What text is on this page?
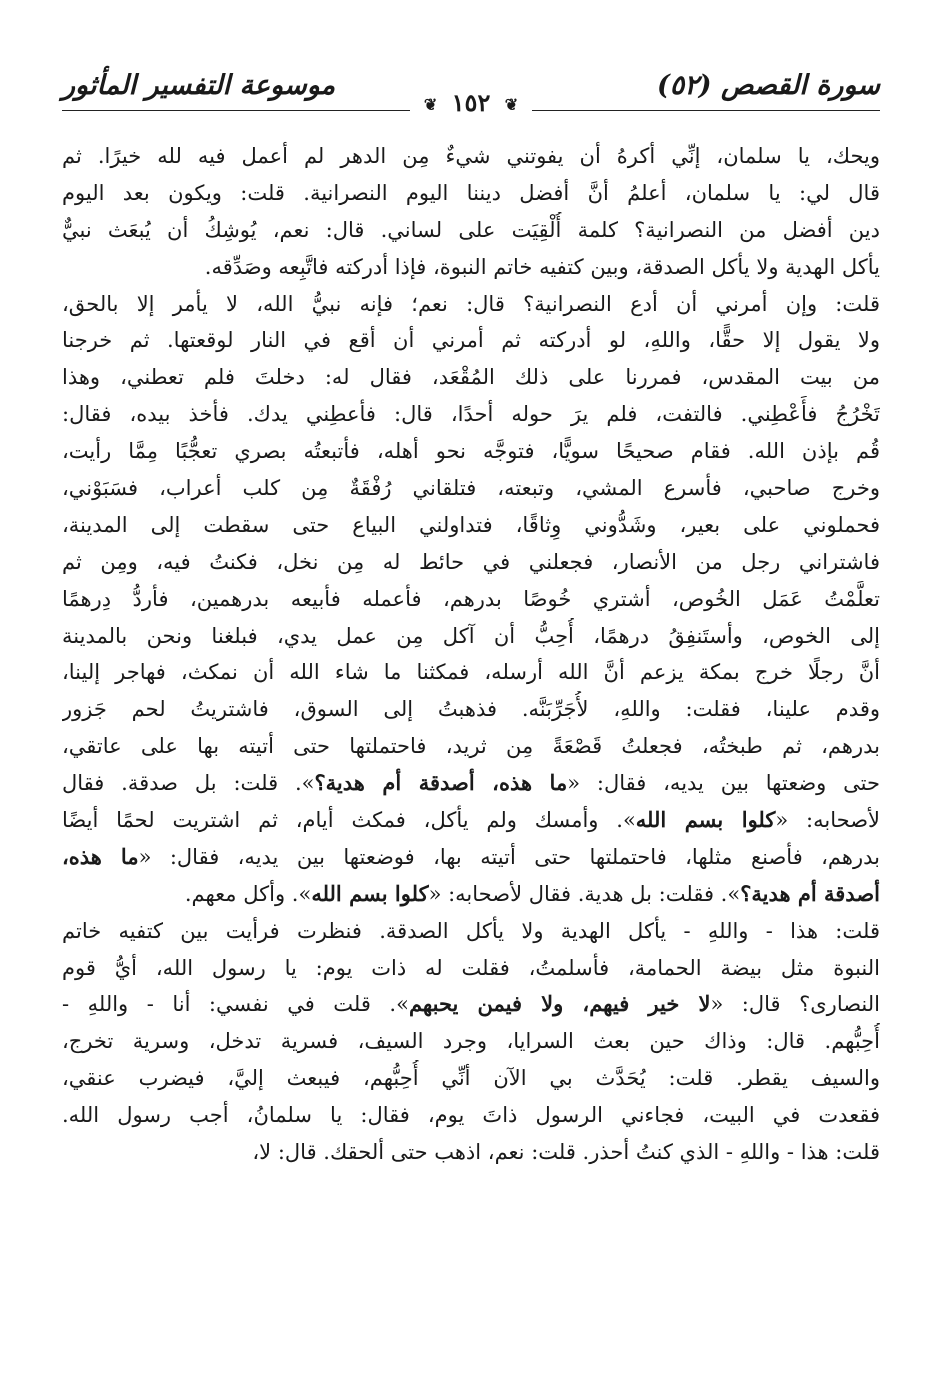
سورة القصص (٥٢)
موسوعة التفسير المأثور
❦ ١٥٢ ❦
ويحك، يا سلمان، إنِّي أكرهُ أن يفوتني شيءٌ مِن الدهر لم أعمل فيه لله خيرًا. ثم
قال لي: يا سلمان، أعلمُ أنَّ أفضل ديننا اليوم النصرانية. قلت: ويكون بعد اليوم
دين أفضل من النصرانية؟ كلمة أُلْقِيَت على لساني. قال: نعم، يُوشِكُ أن يُبعَث نبيٌّ
يأكل الهدية ولا يأكل الصدقة، وبين كتفيه خاتم النبوة، فإذا أدركته فاتَّبِعه وصَدِّقه.
قلت: وإن أمرني أن أدع النصرانية؟ قال: نعم؛ فإنه نبيُّ الله، لا يأمر إلا بالحق،
ولا يقول إلا حقًّا، واللهِ، لو أدركته ثم أمرني أن أقع في النار لوقعتها. ثم خرجنا
من بيت المقدس، فمررنا على ذلك المُقْعَد، فقال له: دخلتَ فلم تعطني، وهذا
تَخْرُجُ فأَعْطِني. فالتفت، فلم يرَ حوله أحدًا، قال: فأعطِني يدك. فأخذ بيده، فقال:
قُم بإذن الله. فقام صحيحًا سويًّا، فتوجَّه نحو أهله، فأتبعتُه بصري تعجُّبًا مِمَّا رأيت،
وخرج صاحبي، فأسرع المشي، وتبعته، فتلقاني رُفْقَةٌ مِن كلب أعراب، فسَبَوْني،
فحملوني على بعير، وشَدُّوني وِثاقًا، فتداولني البياع حتى سقطت إلى المدينة،
فاشتراني رجل من الأنصار، فجعلني في حائط له مِن نخل، فكنتُ فيه، ومِن ثم
تعلَّمْتُ عَمَل الخُوص، أشتري خُوصًا بدرهم، فأعمله فأبيعه بدرهمين، فأردُّ دِرهمًا
إلى الخوص، وأستَنفِقُ درهمًا، أُحِبُّ أن آكل مِن عمل يدي، فبلغنا ونحن بالمدينة
أنَّ رجلًا خرج بمكة يزعم أنَّ الله أرسله، فمكثنا ما شاء الله أن نمكث، فهاجر إلينا،
وقدم علينا، فقلت: واللهِ، لأُجَرِّبَنَّه. فذهبتُ إلى السوق، فاشتريتُ لحم جَزور
بدرهم، ثم طبختُه، فجعلتُ قَصْعَةً مِن ثريد، فاحتملتها حتى أتيته بها على عاتقي،
حتى وضعتها بين يديه، فقال: «ما هذه، أصدقة أم هدية؟». قلت: بل صدقة. فقال
لأصحابه: «كلوا بسم الله». وأمسك ولم يأكل، فمكث أيام، ثم اشتريت لحمًا أيضًا
بدرهم، فأصنع مثلها، فاحتملتها حتى أتيته بها، فوضعتها بين يديه، فقال: «ما هذه،
أصدقة أم هدية؟». فقلت: بل هدية. فقال لأصحابه: «كلوا بسم الله». وأكل معهم.
قلت: هذا - واللهِ - يأكل الهدية ولا يأكل الصدقة. فنظرت فرأيت بين كتفيه خاتم
النبوة مثل بيضة الحمامة، فأسلمتُ، فقلت له ذات يوم: يا رسول الله، أيُّ قوم
النصارى؟ قال: «لا خير فيهم، ولا فيمن يحبهم». قلت في نفسي: أنا - واللهِ -
أُحِبُّهم. قال: وذاك حين بعث السرايا، وجرد السيف، فسرية تدخل، وسرية تخرج،
والسيف يقطر. قلت: يُحَدَّث بي الآن أنِّي أُحِبُّهم، فيبعث إليَّ، فيضرب عنقي،
فقعدت في البيت، فجاءني الرسول ذاتَ يوم، فقال: يا سلمانُ، أجب رسول الله.
قلت: هذا - واللهِ - الذي كنتُ أحذر. قلت: نعم، اذهب حتى ألحقك. قال: لا،
